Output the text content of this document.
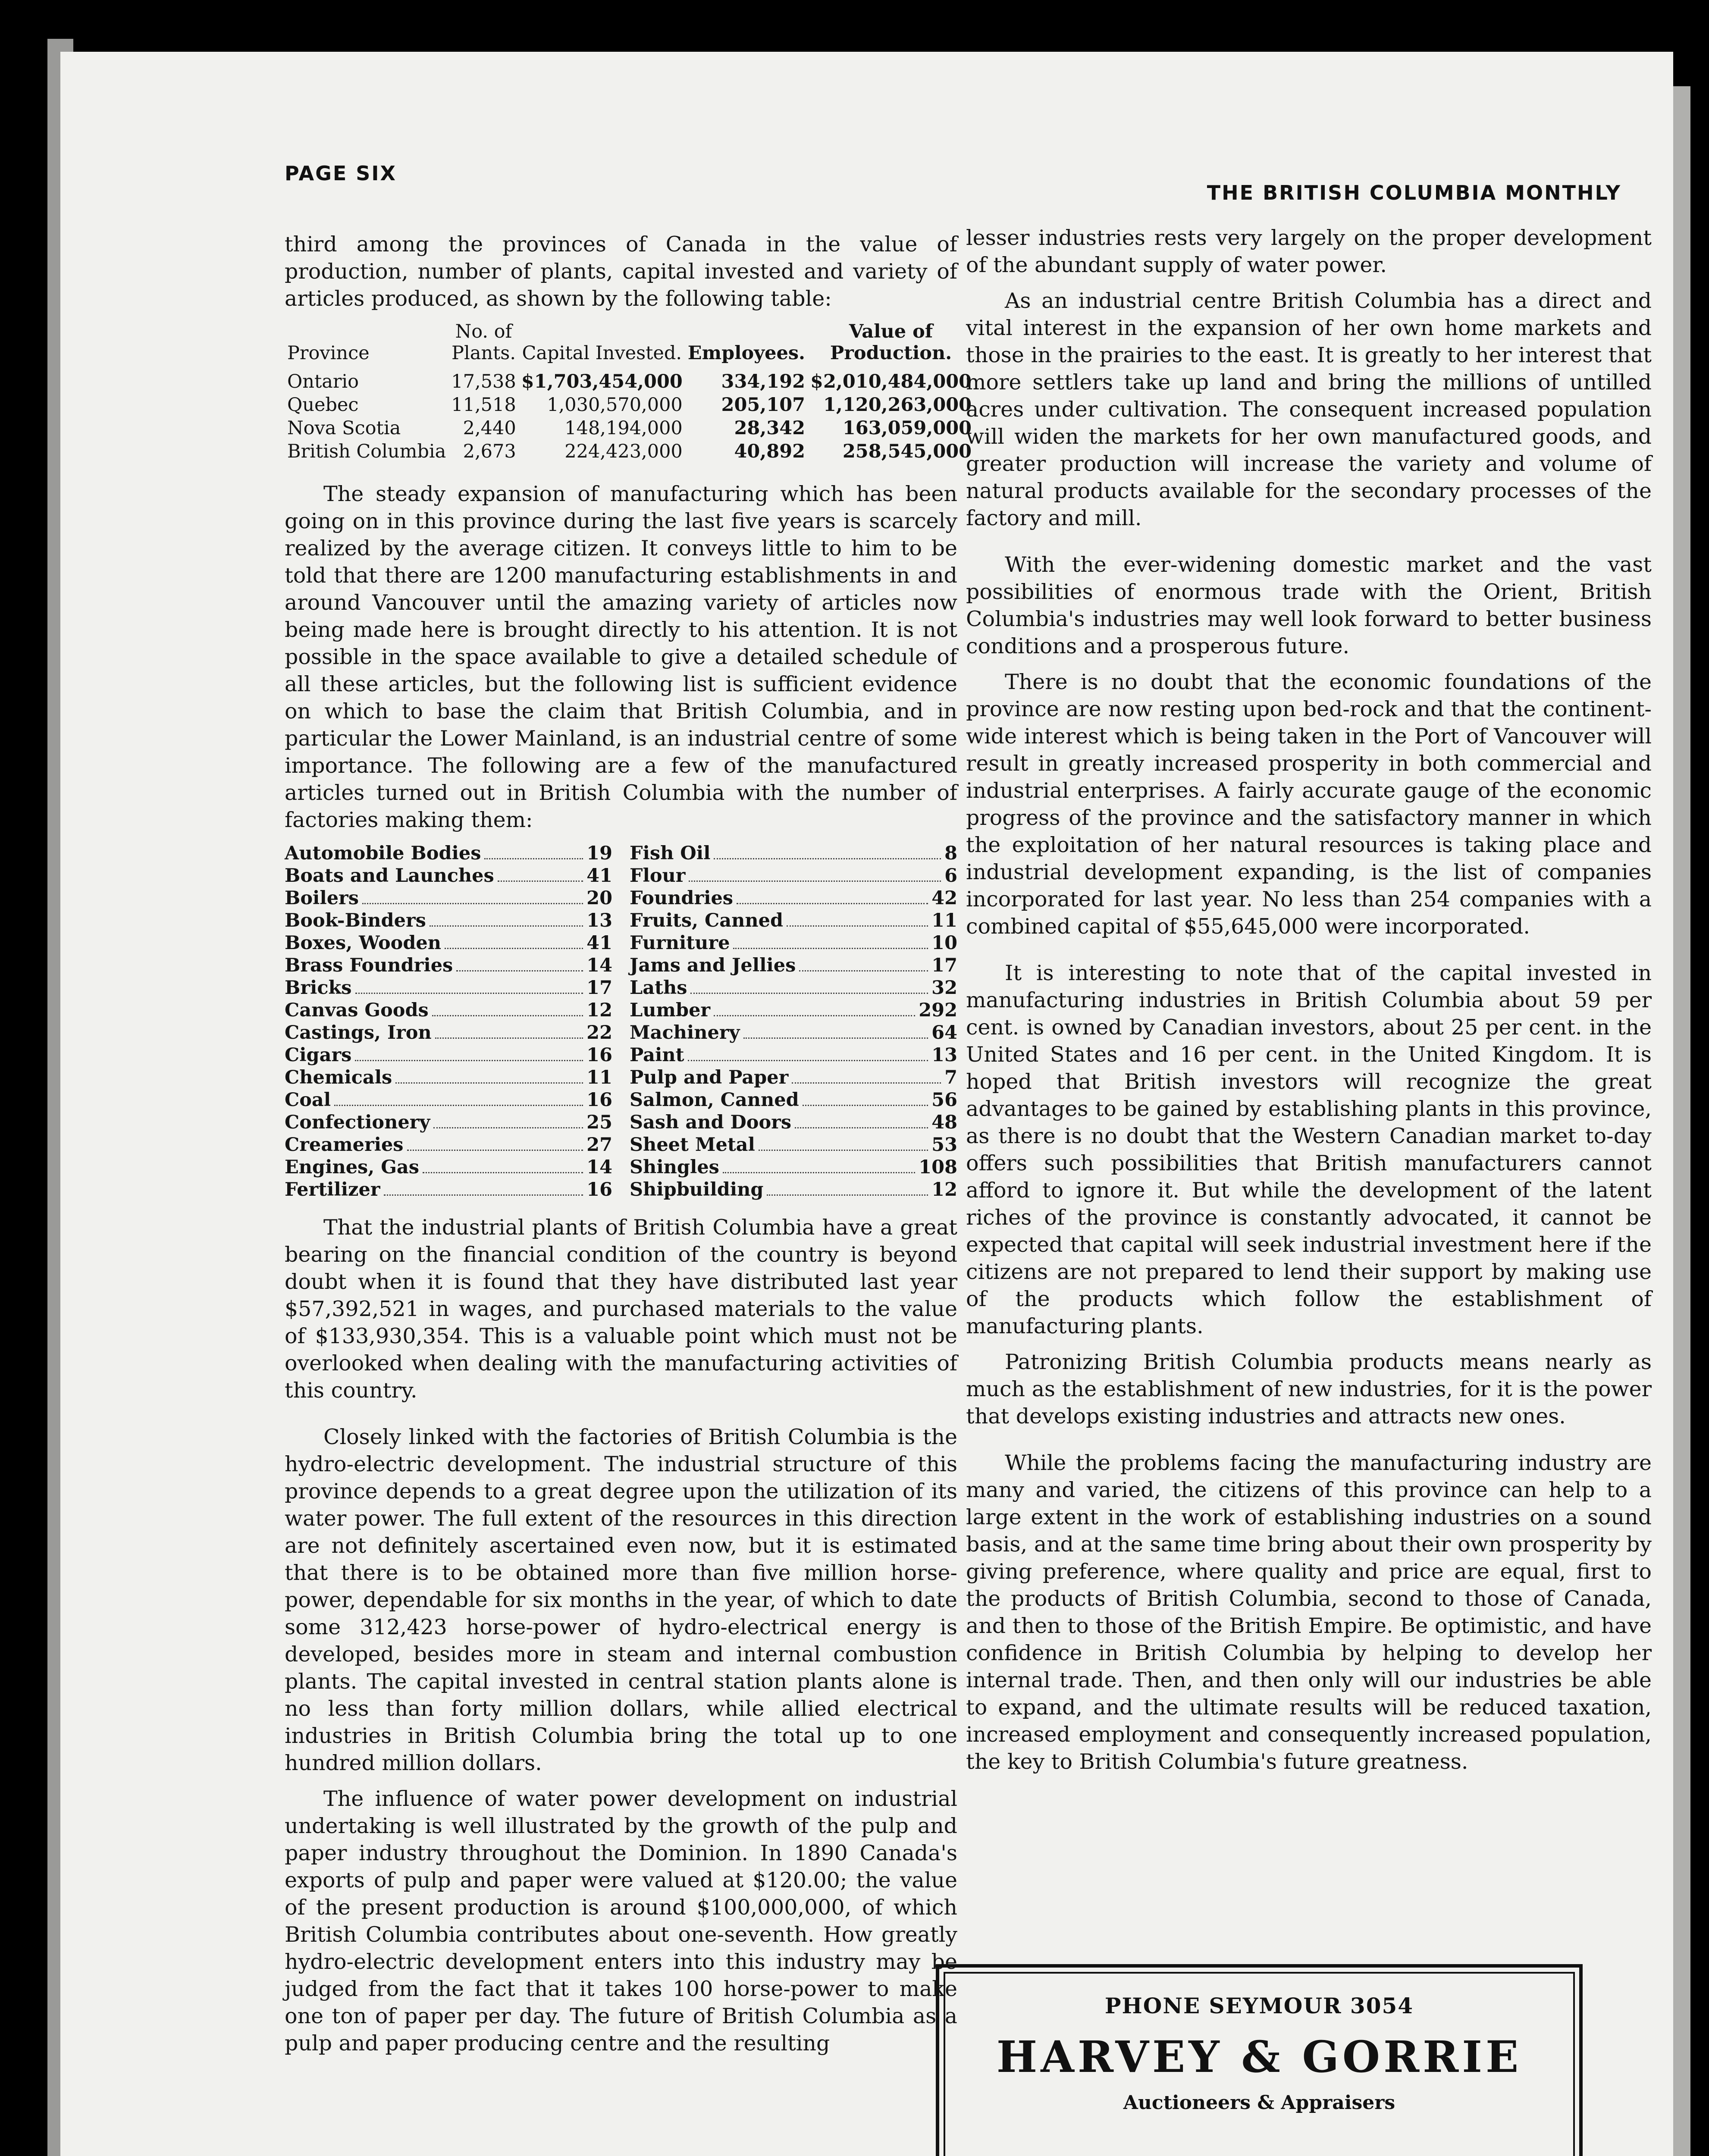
PAGE SIX
THE BRITISH COLUMBIA MONTHLY

third among the provinces of Canada in the value of production, number of plants, capital invested and variety of articles produced, as shown by the following table:

Province	No. of Plants.	Capital Invested.	Employees.	Value of Production.
Ontario	17,538	$1,703,454,000	334,192	$2,010,484,000
Quebec	11,518	1,030,570,000	205,107	1,120,263,000
Nova Scotia	2,440	148,194,000	28,342	163,059,000
British Columbia	2,673	224,423,000	40,892	258,545,000

The steady expansion of manufacturing which has been going on in this province during the last five years is scarcely realized by the average citizen. It conveys little to him to be told that there are 1200 manufacturing establishments in and around Vancouver until the amazing variety of articles now being made here is brought directly to his attention. It is not possible in the space available to give a detailed schedule of all these articles, but the following list is sufficient evidence on which to base the claim that British Columbia, and in particular the Lower Mainland, is an industrial centre of some importance. The following are a few of the manufactured articles turned out in British Columbia with the number of factories making them:

Automobile Bodies	19
Boats and Launches	41
Boilers	20
Book-Binders	13
Boxes, Wooden	41
Brass Foundries	14
Bricks	17
Canvas Goods	12
Castings, Iron	22
Cigars	16
Chemicals	11
Coal	16
Confectionery	25
Creameries	27
Engines, Gas	14
Fertilizer	16
Fish Oil	8
Flour	6
Foundries	42
Fruits, Canned	11
Furniture	10
Jams and Jellies	17
Laths	32
Lumber	292
Machinery	64
Paint	13
Pulp and Paper	7
Salmon, Canned	56
Sash and Doors	48
Sheet Metal	53
Shingles	108
Shipbuilding	12

That the industrial plants of British Columbia have a great bearing on the financial condition of the country is beyond doubt when it is found that they have distributed last year $57,392,521 in wages, and purchased materials to the value of $133,930,354. This is a valuable point which must not be overlooked when dealing with the manufacturing activities of this country.

Closely linked with the factories of British Columbia is the hydro-electric development. The industrial structure of this province depends to a great degree upon the utilization of its water power. The full extent of the resources in this direction are not definitely ascertained even now, but it is estimated that there is to be obtained more than five million horse-power, dependable for six months in the year, of which to date some 312,423 horse-power of hydro-electrical energy is developed, besides more in steam and internal combustion plants. The capital invested in central station plants alone is no less than forty million dollars, while allied electrical industries in British Columbia bring the total up to one hundred million dollars.

The influence of water power development on industrial undertaking is well illustrated by the growth of the pulp and paper industry throughout the Dominion. In 1890 Canada's exports of pulp and paper were valued at $120.00; the value of the present production is around $100,000,000, of which British Columbia contributes about one-seventh. How greatly hydro-electric development enters into this industry may be judged from the fact that it takes 100 horse-power to make one ton of paper per day. The future of British Columbia as a pulp and paper producing centre and the resulting

lesser industries rests very largely on the proper development of the abundant supply of water power.

As an industrial centre British Columbia has a direct and vital interest in the expansion of her own home markets and those in the prairies to the east. It is greatly to her interest that more settlers take up land and bring the millions of untilled acres under cultivation. The consequent increased population will widen the markets for her own manufactured goods, and greater production will increase the variety and volume of natural products available for the secondary processes of the factory and mill.

With the ever-widening domestic market and the vast possibilities of enormous trade with the Orient, British Columbia's industries may well look forward to better business conditions and a prosperous future.

There is no doubt that the economic foundations of the province are now resting upon bed-rock and that the continent-wide interest which is being taken in the Port of Vancouver will result in greatly increased prosperity in both commercial and industrial enterprises. A fairly accurate gauge of the economic progress of the province and the satisfactory manner in which the exploitation of her natural resources is taking place and industrial development expanding, is the list of companies incorporated for last year. No less than 254 companies with a combined capital of $55,645,000 were incorporated.

It is interesting to note that of the capital invested in manufacturing industries in British Columbia about 59 per cent. is owned by Canadian investors, about 25 per cent. in the United States and 16 per cent. in the United Kingdom. It is hoped that British investors will recognize the great advantages to be gained by establishing plants in this province, as there is no doubt that the Western Canadian market to-day offers such possibilities that British manufacturers cannot afford to ignore it. But while the development of the latent riches of the province is constantly advocated, it cannot be expected that capital will seek industrial investment here if the citizens are not prepared to lend their support by making use of the products which follow the establishment of manufacturing plants.

Patronizing British Columbia products means nearly as much as the establishment of new industries, for it is the power that develops existing industries and attracts new ones.

While the problems facing the manufacturing industry are many and varied, the citizens of this province can help to a large extent in the work of establishing industries on a sound basis, and at the same time bring about their own prosperity by giving preference, where quality and price are equal, first to the products of British Columbia, second to those of Canada, and then to those of the British Empire. Be optimistic, and have confidence in British Columbia by helping to develop her internal trade. Then, and then only will our industries be able to expand, and the ultimate results will be reduced taxation, increased employment and consequently increased population, the key to British Columbia's future greatness.

PHONE SEYMOUR 3054
HARVEY & GORRIE
Auctioneers & Appraisers
